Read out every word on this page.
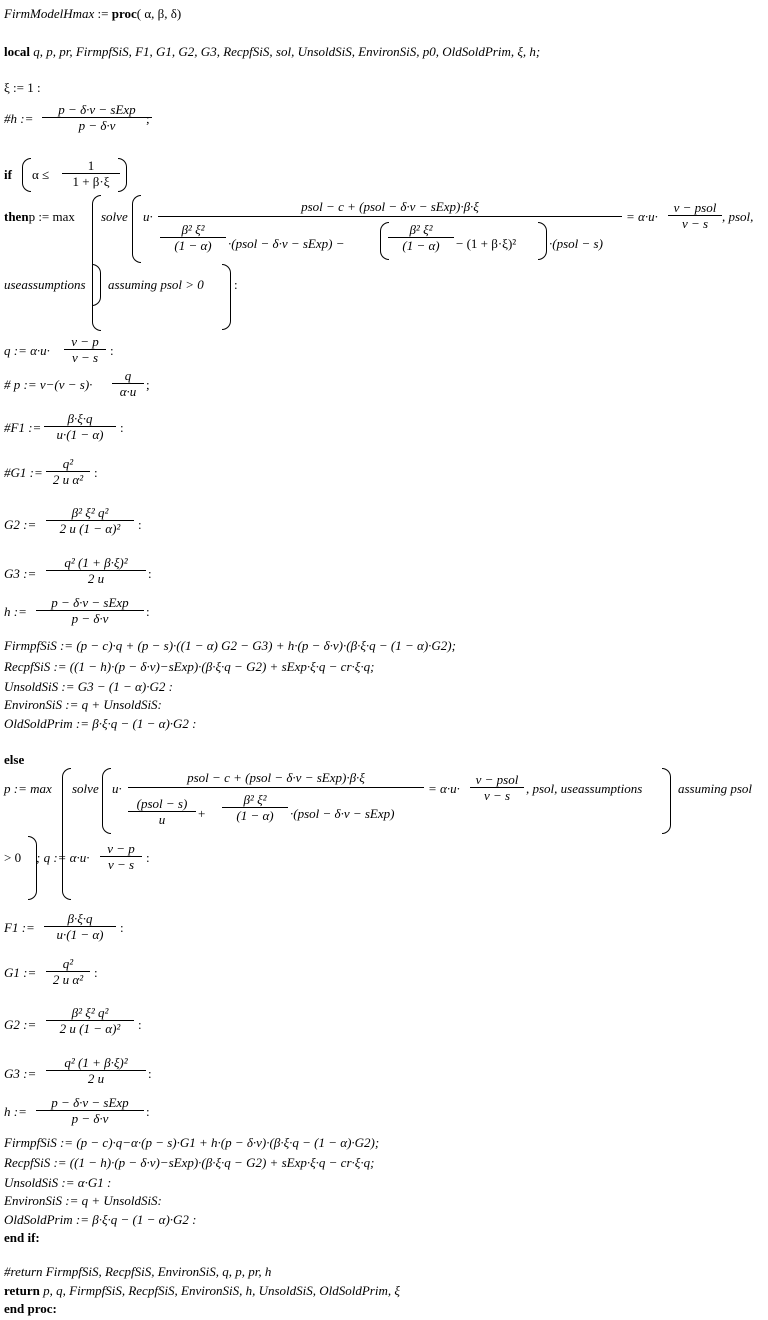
FirmModelHmax := proc( α, β, δ)
local q, p, pr, FirmpfSiS, F1, G1, G2, G3, RecpfSiS, sol, UnsoldSiS, EnvironSiS, p0, OldSoldPrim, ξ, h;
ξ := 1 :
#h :=
p − δ·v − sExp
p − δ·v	;
if $\alpha \le \frac{1}{1 + \beta\cdot\xi}$
thenp := max solve u·
psol − c + (psol − δ·v − sExp)·β·ξ
$\frac{\text{β² ξ²}}{(1 - \alpha)}$ ·(psol − δ·v − sExp) −	$\frac{\text{β² ξ²}}{(1 - \alpha)} - (1 + \beta\cdot\xi)^2$	·(psol − s)
= α·u·
v − psol
v − s	, psol,
useassumptions assuming psol > 0 :
q := $\alpha\cdot u\cdot \frac{v - p}{v - s}$ :
# p := $v-(v - s)\cdot \frac{q}{\alpha\cdot u}$ ;
#F1 := $\frac{\beta\cdot\xi\cdot q}{u\cdot(1 - \alpha)}$ :
#G1 := $\frac{\text{q²}}{\text{2 u α²}}$ :
G2 := $\frac{\text{β² ξ² q²}}{\text{2 u (1 − α)²}}$ :
G3 := $\frac{\text{q² (1 + β·ξ)²}}{2 u}$ :
h :=
p − δ·v − sExp
p − δ·v	:
FirmpfSiS := (p − c)·q + (p − s)·((1 − α) G2 − G3) + h·(p − δ·v)·(β·ξ·q − (1 − α)·G2);
RecpfSiS := ((1 − h)·(p − δ·v)−sExp)·(β·ξ·q − G2) + sExp·ξ·q − cr·ξ·q;
UnsoldSiS := G3 − (1 − α)·G2 :
EnvironSiS := q + UnsoldSiS:
OldSoldPrim := β·ξ·q − (1 − α)·G2 :
else
p := max solve u·
psol − c + (psol − δ·v − sExp)·β·ξ
(psol − s)
u	+ $\frac{\text{β² ξ²}}{(1 - \alpha)}$ ·(psol − δ·v − sExp)
= α·u·
v − psol
v − s	, psol, useassumptions	assuming psol
> 0 ; q := $\alpha\cdot u\cdot \frac{v - p}{v - s}$ :
F1 := $\frac{\beta\cdot\xi\cdot q}{u\cdot(1 - \alpha)}$ :
G1 := $\frac{\text{q²}}{\text{2 u α²}}$ :
G2 := $\frac{\text{β² ξ² q²}}{\text{2 u (1 − α)²}}$ :
G3 := $\frac{\text{q² (1 + β·ξ)²}}{2 u}$ :
h :=
p − δ·v − sExp
p − δ·v	:
FirmpfSiS := (p − c)·q−α·(p − s)·G1 + h·(p − δ·v)·(β·ξ·q − (1 − α)·G2);
RecpfSiS := ((1 − h)·(p − δ·v)−sExp)·(β·ξ·q − G2) + sExp·ξ·q − cr·ξ·q;
UnsoldSiS := α·G1 :
EnvironSiS := q + UnsoldSiS:
OldSoldPrim := β·ξ·q − (1 − α)·G2 :
end if:
#return FirmpfSiS, RecpfSiS, EnvironSiS, q, p, pr, h
return p, q, FirmpfSiS, RecpfSiS, EnvironSiS, h, UnsoldSiS, OldSoldPrim, ξ
end proc:
